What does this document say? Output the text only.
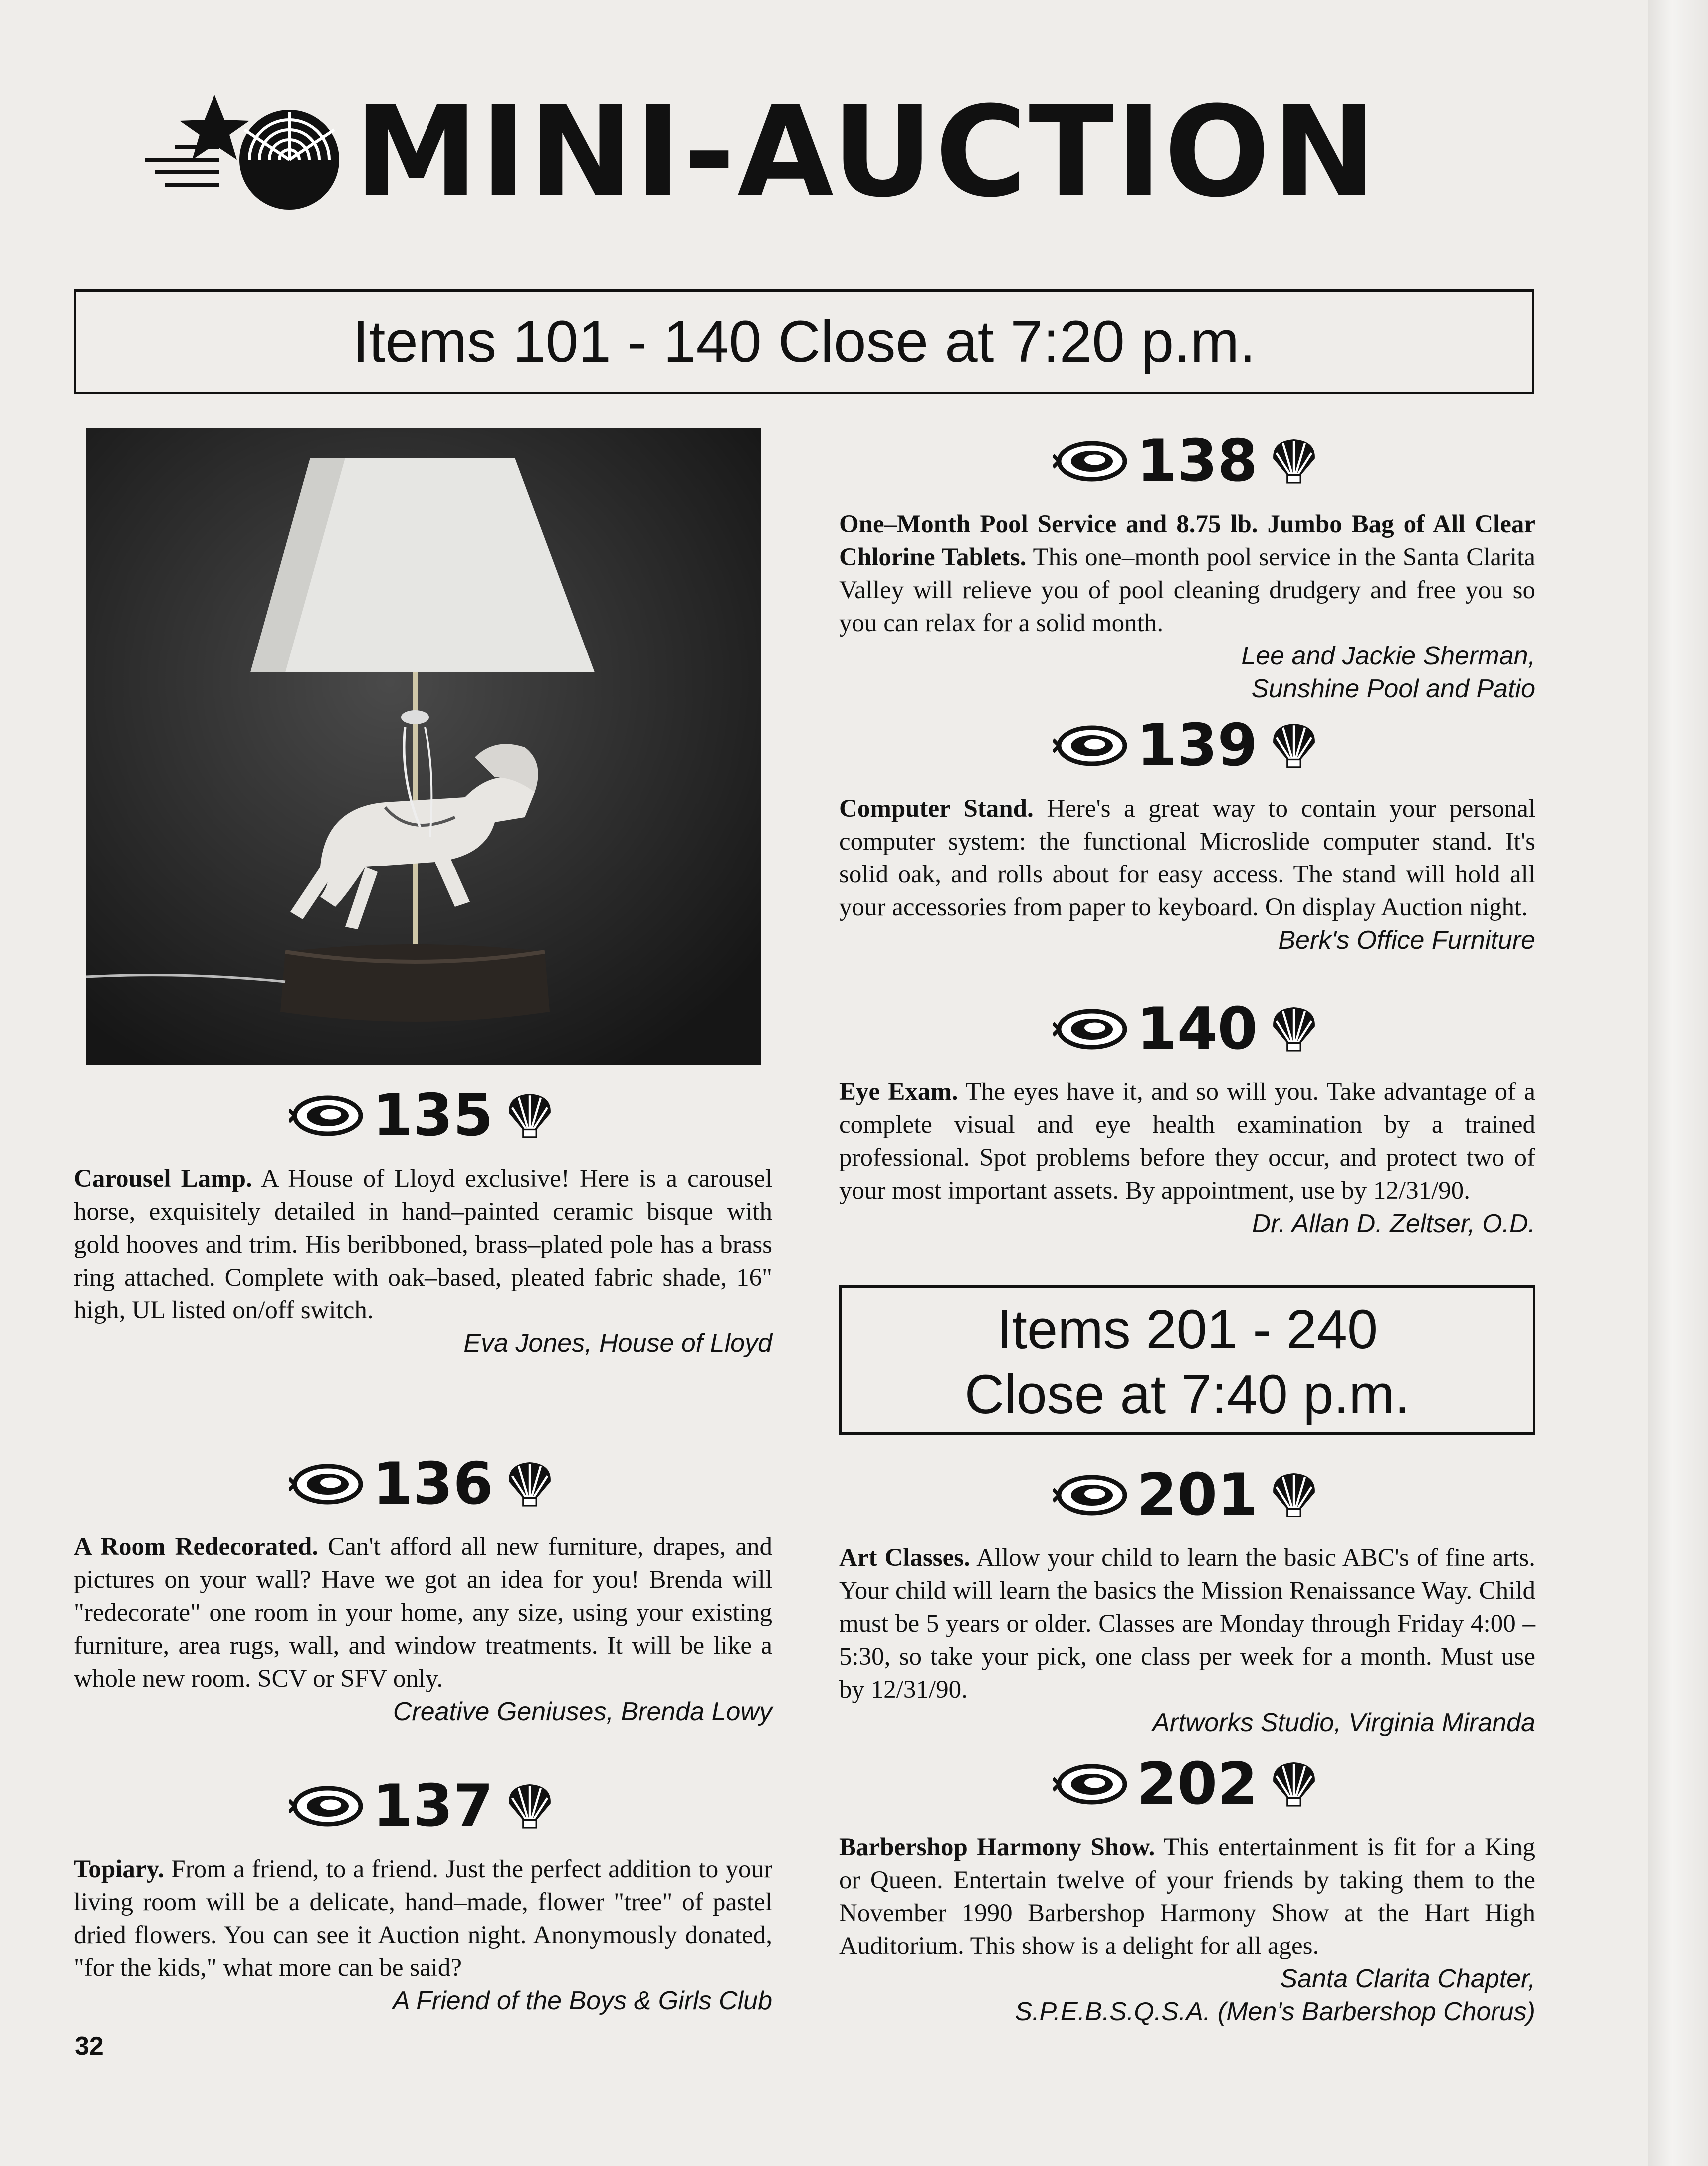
MINI-AUCTION
Items 101 - 140 Close at 7:20 p.m.
135
Carousel Lamp. A House of Lloyd exclusive! Here is a carousel horse, exquisitely detailed in hand–painted ceramic bisque with gold hooves and trim. His beribboned, brass–plated pole has a brass ring attached. Complete with oak–based, pleated fabric shade, 16" high, UL listed on/off switch.
Eva Jones, House of Lloyd
136
A Room Redecorated. Can't afford all new furniture, drapes, and pictures on your wall? Have we got an idea for you! Brenda will "redecorate" one room in your home, any size, using your existing furniture, area rugs, wall, and window treatments. It will be like a whole new room. SCV or SFV only.
Creative Geniuses, Brenda Lowy
137
Topiary. From a friend, to a friend. Just the perfect addition to your living room will be a delicate, hand–made, flower "tree" of pastel dried flowers. You can see it Auction night. Anonymously donated, "for the kids," what more can be said?
A Friend of the Boys & Girls Club
138
One–Month Pool Service and 8.75 lb. Jumbo Bag of All Clear Chlorine Tablets. This one–month pool service in the Santa Clarita Valley will relieve you of pool cleaning drudgery and free you so you can relax for a solid month.
Lee and Jackie Sherman,
Sunshine Pool and Patio
139
Computer Stand. Here's a great way to contain your personal computer system: the functional Microslide computer stand. It's solid oak, and rolls about for easy access. The stand will hold all your accessories from paper to keyboard. On display Auction night.
Berk's Office Furniture
140
Eye Exam. The eyes have it, and so will you. Take advantage of a complete visual and eye health examination by a trained professional. Spot problems before they occur, and protect two of your most important assets. By appointment, use by 12/31/90.
Dr. Allan D. Zeltser, O.D.
Items 201 - 240
Close at 7:40 p.m.
201
Art Classes. Allow your child to learn the basic ABC's of fine arts. Your child will learn the basics the Mission Renaissance Way. Child must be 5 years or older. Classes are Monday through Friday 4:00 – 5:30, so take your pick, one class per week for a month. Must use by 12/31/90.
Artworks Studio, Virginia Miranda
202
Barbershop Harmony Show. This entertainment is fit for a King or Queen. Entertain twelve of your friends by taking them to the November 1990 Barbershop Harmony Show at the Hart High Auditorium. This show is a delight for all ages.
Santa Clarita Chapter,
S.P.E.B.S.Q.S.A. (Men's Barbershop Chorus)
32
